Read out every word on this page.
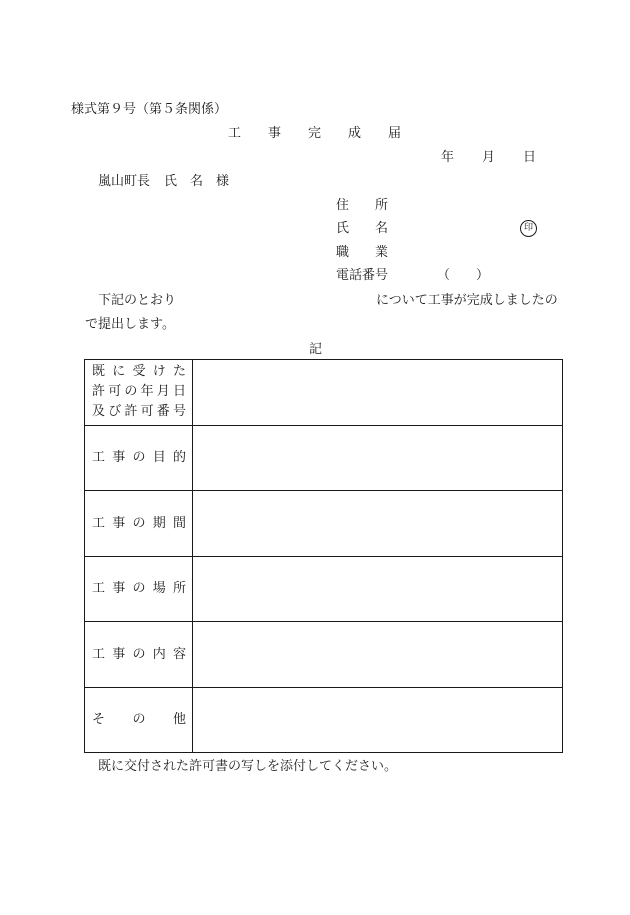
様式第９号（第５条関係）
工	事	完	成	届
年	月	日
嵐山町長 氏 名 様
住	所
氏	名	印
職	業
電話番号	（　　）
下記のとおり	について工事が完成しましたの
で提出します。
記
既に受けた
許可の年月日
及び許可番号	

工事の目的	
工事の期間	
工事の場所	
工事の内容	
そ　の　他	
既に交付された許可書の写しを添付してください。
